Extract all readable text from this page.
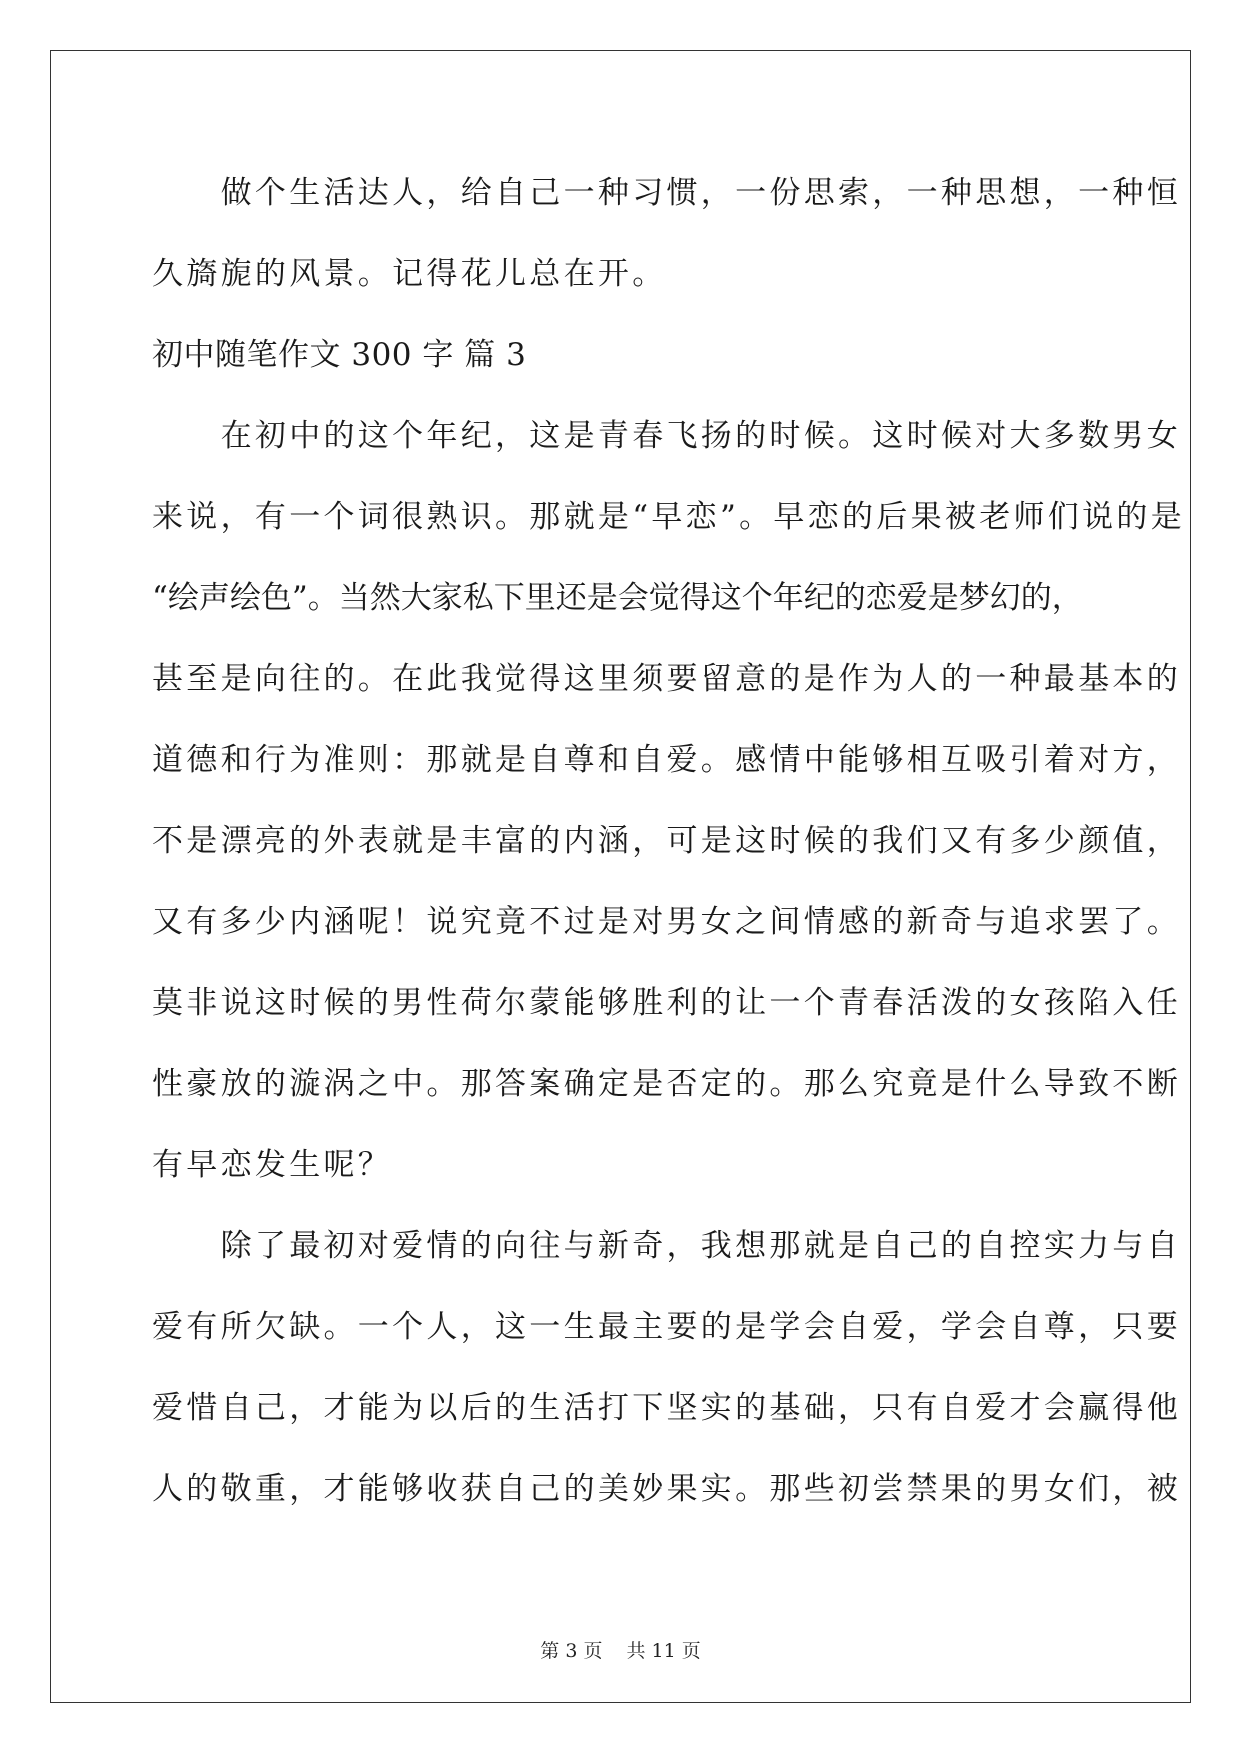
　　做个生活达人，给自己一种习惯，一份思索，一种思想，一种恒
久旖旎的风景。记得花儿总在开。
初中随笔作文 300 字 篇 3
　　在初中的这个年纪，这是青春飞扬的时候。这时候对大多数男女
来说，有一个词很熟识。那就是“早恋”。早恋的后果被老师们说的是
“绘声绘色”。当然大家私下里还是会觉得这个年纪的恋爱是梦幻的，
甚至是向往的。在此我觉得这里须要留意的是作为人的一种最基本的
道德和行为准则：那就是自尊和自爱。感情中能够相互吸引着对方，
不是漂亮的外表就是丰富的内涵，可是这时候的我们又有多少颜值，
又有多少内涵呢！说究竟不过是对男女之间情感的新奇与追求罢了。
莫非说这时候的男性荷尔蒙能够胜利的让一个青春活泼的女孩陷入任
性豪放的漩涡之中。那答案确定是否定的。那么究竟是什么导致不断
有早恋发生呢？
　　除了最初对爱情的向往与新奇，我想那就是自己的自控实力与自
爱有所欠缺。一个人，这一生最主要的是学会自爱，学会自尊，只要
爱惜自己，才能为以后的生活打下坚实的基础，只有自爱才会赢得他
人的敬重，才能够收获自己的美妙果实。那些初尝禁果的男女们，被
第 3 页 共 11 页
